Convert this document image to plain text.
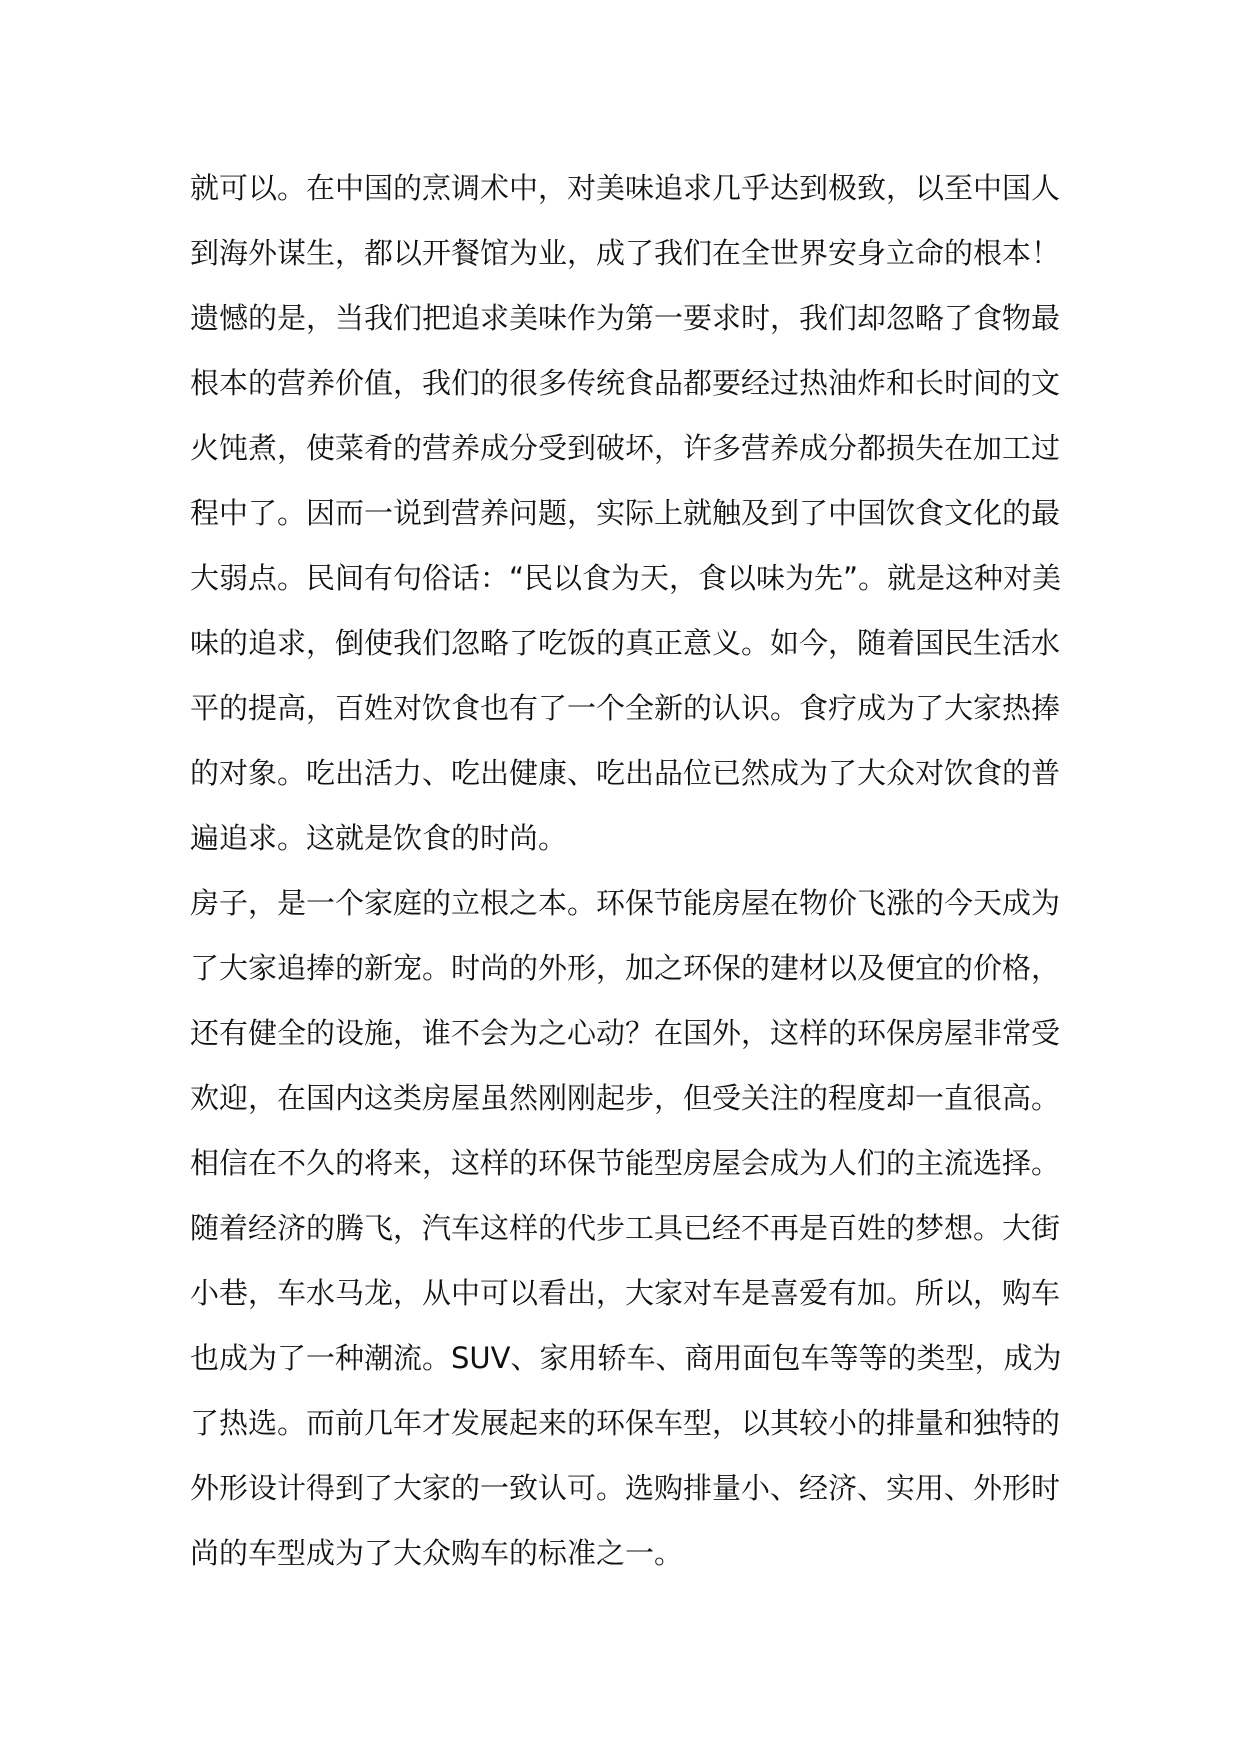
就可以。在中国的烹调术中，对美味追求几乎达到极致，以至中国人
到海外谋生，都以开餐馆为业，成了我们在全世界安身立命的根本！
遗憾的是，当我们把追求美味作为第一要求时，我们却忽略了食物最
根本的营养价值，我们的很多传统食品都要经过热油炸和长时间的文
火饨煮，使菜肴的营养成分受到破坏，许多营养成分都损失在加工过
程中了。因而一说到营养问题，实际上就触及到了中国饮食文化的最
大弱点。民间有句俗话：“民以食为天，食以味为先”。就是这种对美
味的追求，倒使我们忽略了吃饭的真正意义。如今，随着国民生活水
平的提高，百姓对饮食也有了一个全新的认识。食疗成为了大家热捧
的对象。吃出活力、吃出健康、吃出品位已然成为了大众对饮食的普
遍追求。这就是饮食的时尚。
房子，是一个家庭的立根之本。环保节能房屋在物价飞涨的今天成为
了大家追捧的新宠。时尚的外形，加之环保的建材以及便宜的价格，
还有健全的设施，谁不会为之心动？在国外，这样的环保房屋非常受
欢迎，在国内这类房屋虽然刚刚起步，但受关注的程度却一直很高。
相信在不久的将来，这样的环保节能型房屋会成为人们的主流选择。
随着经济的腾飞，汽车这样的代步工具已经不再是百姓的梦想。大街
小巷，车水马龙，从中可以看出，大家对车是喜爱有加。所以，购车
也成为了一种潮流。SUV、家用轿车、商用面包车等等的类型，成为
了热选。而前几年才发展起来的环保车型，以其较小的排量和独特的
外形设计得到了大家的一致认可。选购排量小、经济、实用、外形时
尚的车型成为了大众购车的标准之一。
